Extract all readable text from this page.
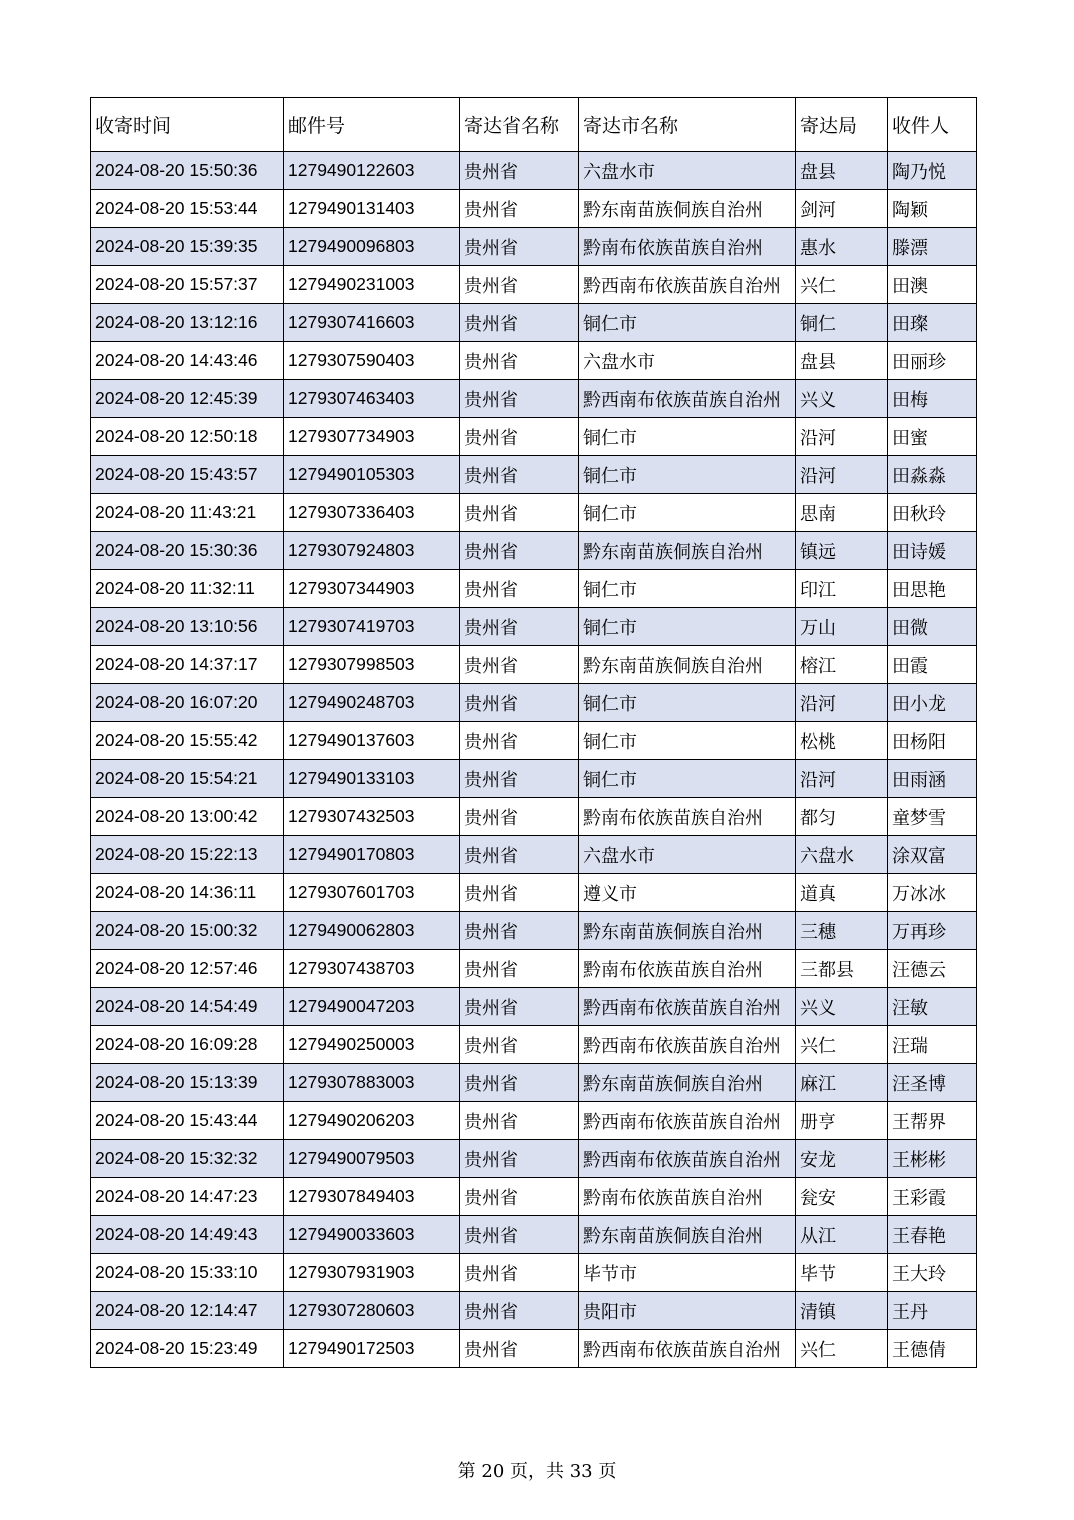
收寄时间	邮件号	寄达省名称	寄达市名称	寄达局	收件人
2024-08-20 15:50:36	1279490122603	贵州省	六盘水市	盘县	陶乃悦
2024-08-20 15:53:44	1279490131403	贵州省	黔东南苗族侗族自治州	剑河	陶颖
2024-08-20 15:39:35	1279490096803	贵州省	黔南布依族苗族自治州	惠水	滕漂
2024-08-20 15:57:37	1279490231003	贵州省	黔西南布依族苗族自治州	兴仁	田澳
2024-08-20 13:12:16	1279307416603	贵州省	铜仁市	铜仁	田璨
2024-08-20 14:43:46	1279307590403	贵州省	六盘水市	盘县	田丽珍
2024-08-20 12:45:39	1279307463403	贵州省	黔西南布依族苗族自治州	兴义	田梅
2024-08-20 12:50:18	1279307734903	贵州省	铜仁市	沿河	田蜜
2024-08-20 15:43:57	1279490105303	贵州省	铜仁市	沿河	田淼淼
2024-08-20 11:43:21	1279307336403	贵州省	铜仁市	思南	田秋玲
2024-08-20 15:30:36	1279307924803	贵州省	黔东南苗族侗族自治州	镇远	田诗媛
2024-08-20 11:32:11	1279307344903	贵州省	铜仁市	印江	田思艳
2024-08-20 13:10:56	1279307419703	贵州省	铜仁市	万山	田微
2024-08-20 14:37:17	1279307998503	贵州省	黔东南苗族侗族自治州	榕江	田霞
2024-08-20 16:07:20	1279490248703	贵州省	铜仁市	沿河	田小龙
2024-08-20 15:55:42	1279490137603	贵州省	铜仁市	松桃	田杨阳
2024-08-20 15:54:21	1279490133103	贵州省	铜仁市	沿河	田雨涵
2024-08-20 13:00:42	1279307432503	贵州省	黔南布依族苗族自治州	都匀	童梦雪
2024-08-20 15:22:13	1279490170803	贵州省	六盘水市	六盘水	涂双富
2024-08-20 14:36:11	1279307601703	贵州省	遵义市	道真	万冰冰
2024-08-20 15:00:32	1279490062803	贵州省	黔东南苗族侗族自治州	三穗	万再珍
2024-08-20 12:57:46	1279307438703	贵州省	黔南布依族苗族自治州	三都县	汪德云
2024-08-20 14:54:49	1279490047203	贵州省	黔西南布依族苗族自治州	兴义	汪敏
2024-08-20 16:09:28	1279490250003	贵州省	黔西南布依族苗族自治州	兴仁	汪瑞
2024-08-20 15:13:39	1279307883003	贵州省	黔东南苗族侗族自治州	麻江	汪圣博
2024-08-20 15:43:44	1279490206203	贵州省	黔西南布依族苗族自治州	册亨	王帮界
2024-08-20 15:32:32	1279490079503	贵州省	黔西南布依族苗族自治州	安龙	王彬彬
2024-08-20 14:47:23	1279307849403	贵州省	黔南布依族苗族自治州	瓮安	王彩霞
2024-08-20 14:49:43	1279490033603	贵州省	黔东南苗族侗族自治州	从江	王春艳
2024-08-20 15:33:10	1279307931903	贵州省	毕节市	毕节	王大玲
2024-08-20 12:14:47	1279307280603	贵州省	贵阳市	清镇	王丹
2024-08-20 15:23:49	1279490172503	贵州省	黔西南布依族苗族自治州	兴仁	王德倩
第 20 页，共 33 页
